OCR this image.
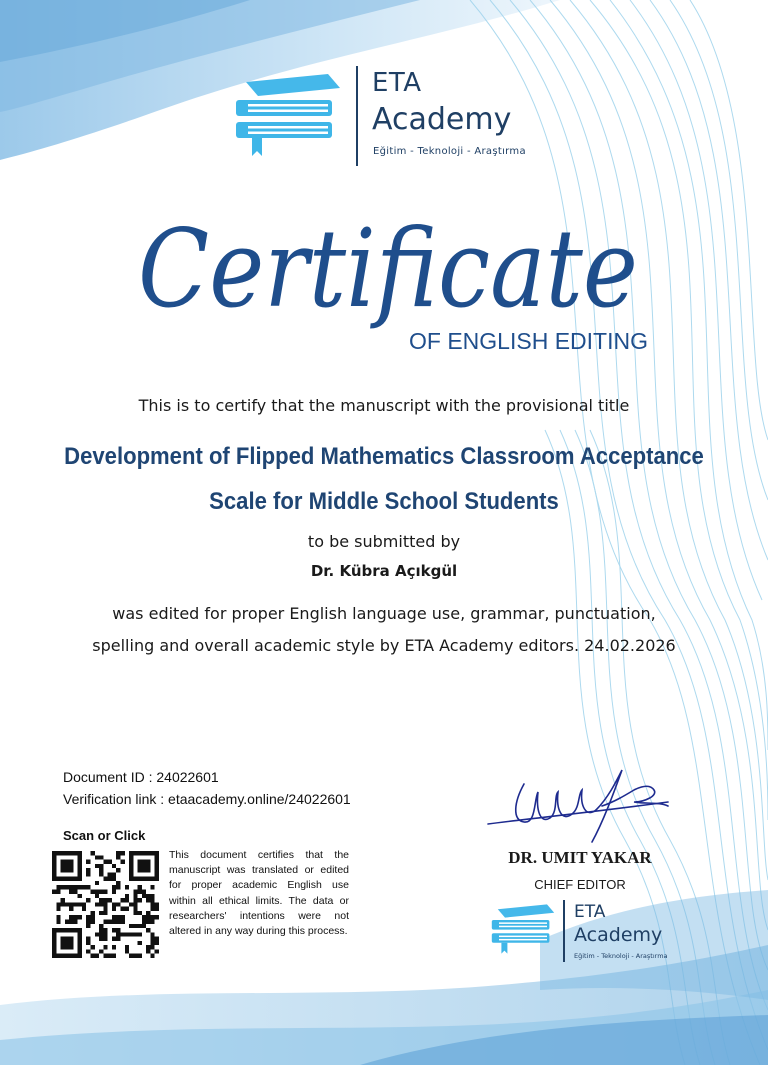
ETA
Academy
Eğitim - Teknoloji - Araştırma
Certificate
OF ENGLISH EDITING
This is to certify that the manuscript with the provisional title
Development of Flipped Mathematics Classroom Acceptance
Scale for Middle School Students
to be submitted by
Dr. Kübra Açıkgül
was edited for proper English language use, grammar, punctuation,
spelling and overall academic style by ETA Academy editors. 24.02.2026
Document ID : 24022601
Verification link : etaacademy.online/24022601
Scan or Click
This document certifies that the manuscript was translated or edited for proper academic English use within all ethical limits. The data or researchers' intentions were not altered in any way during this process.
DR. UMIT YAKAR
CHIEF EDITOR
ETA
Academy
Eğitim - Teknoloji - Araştırma
